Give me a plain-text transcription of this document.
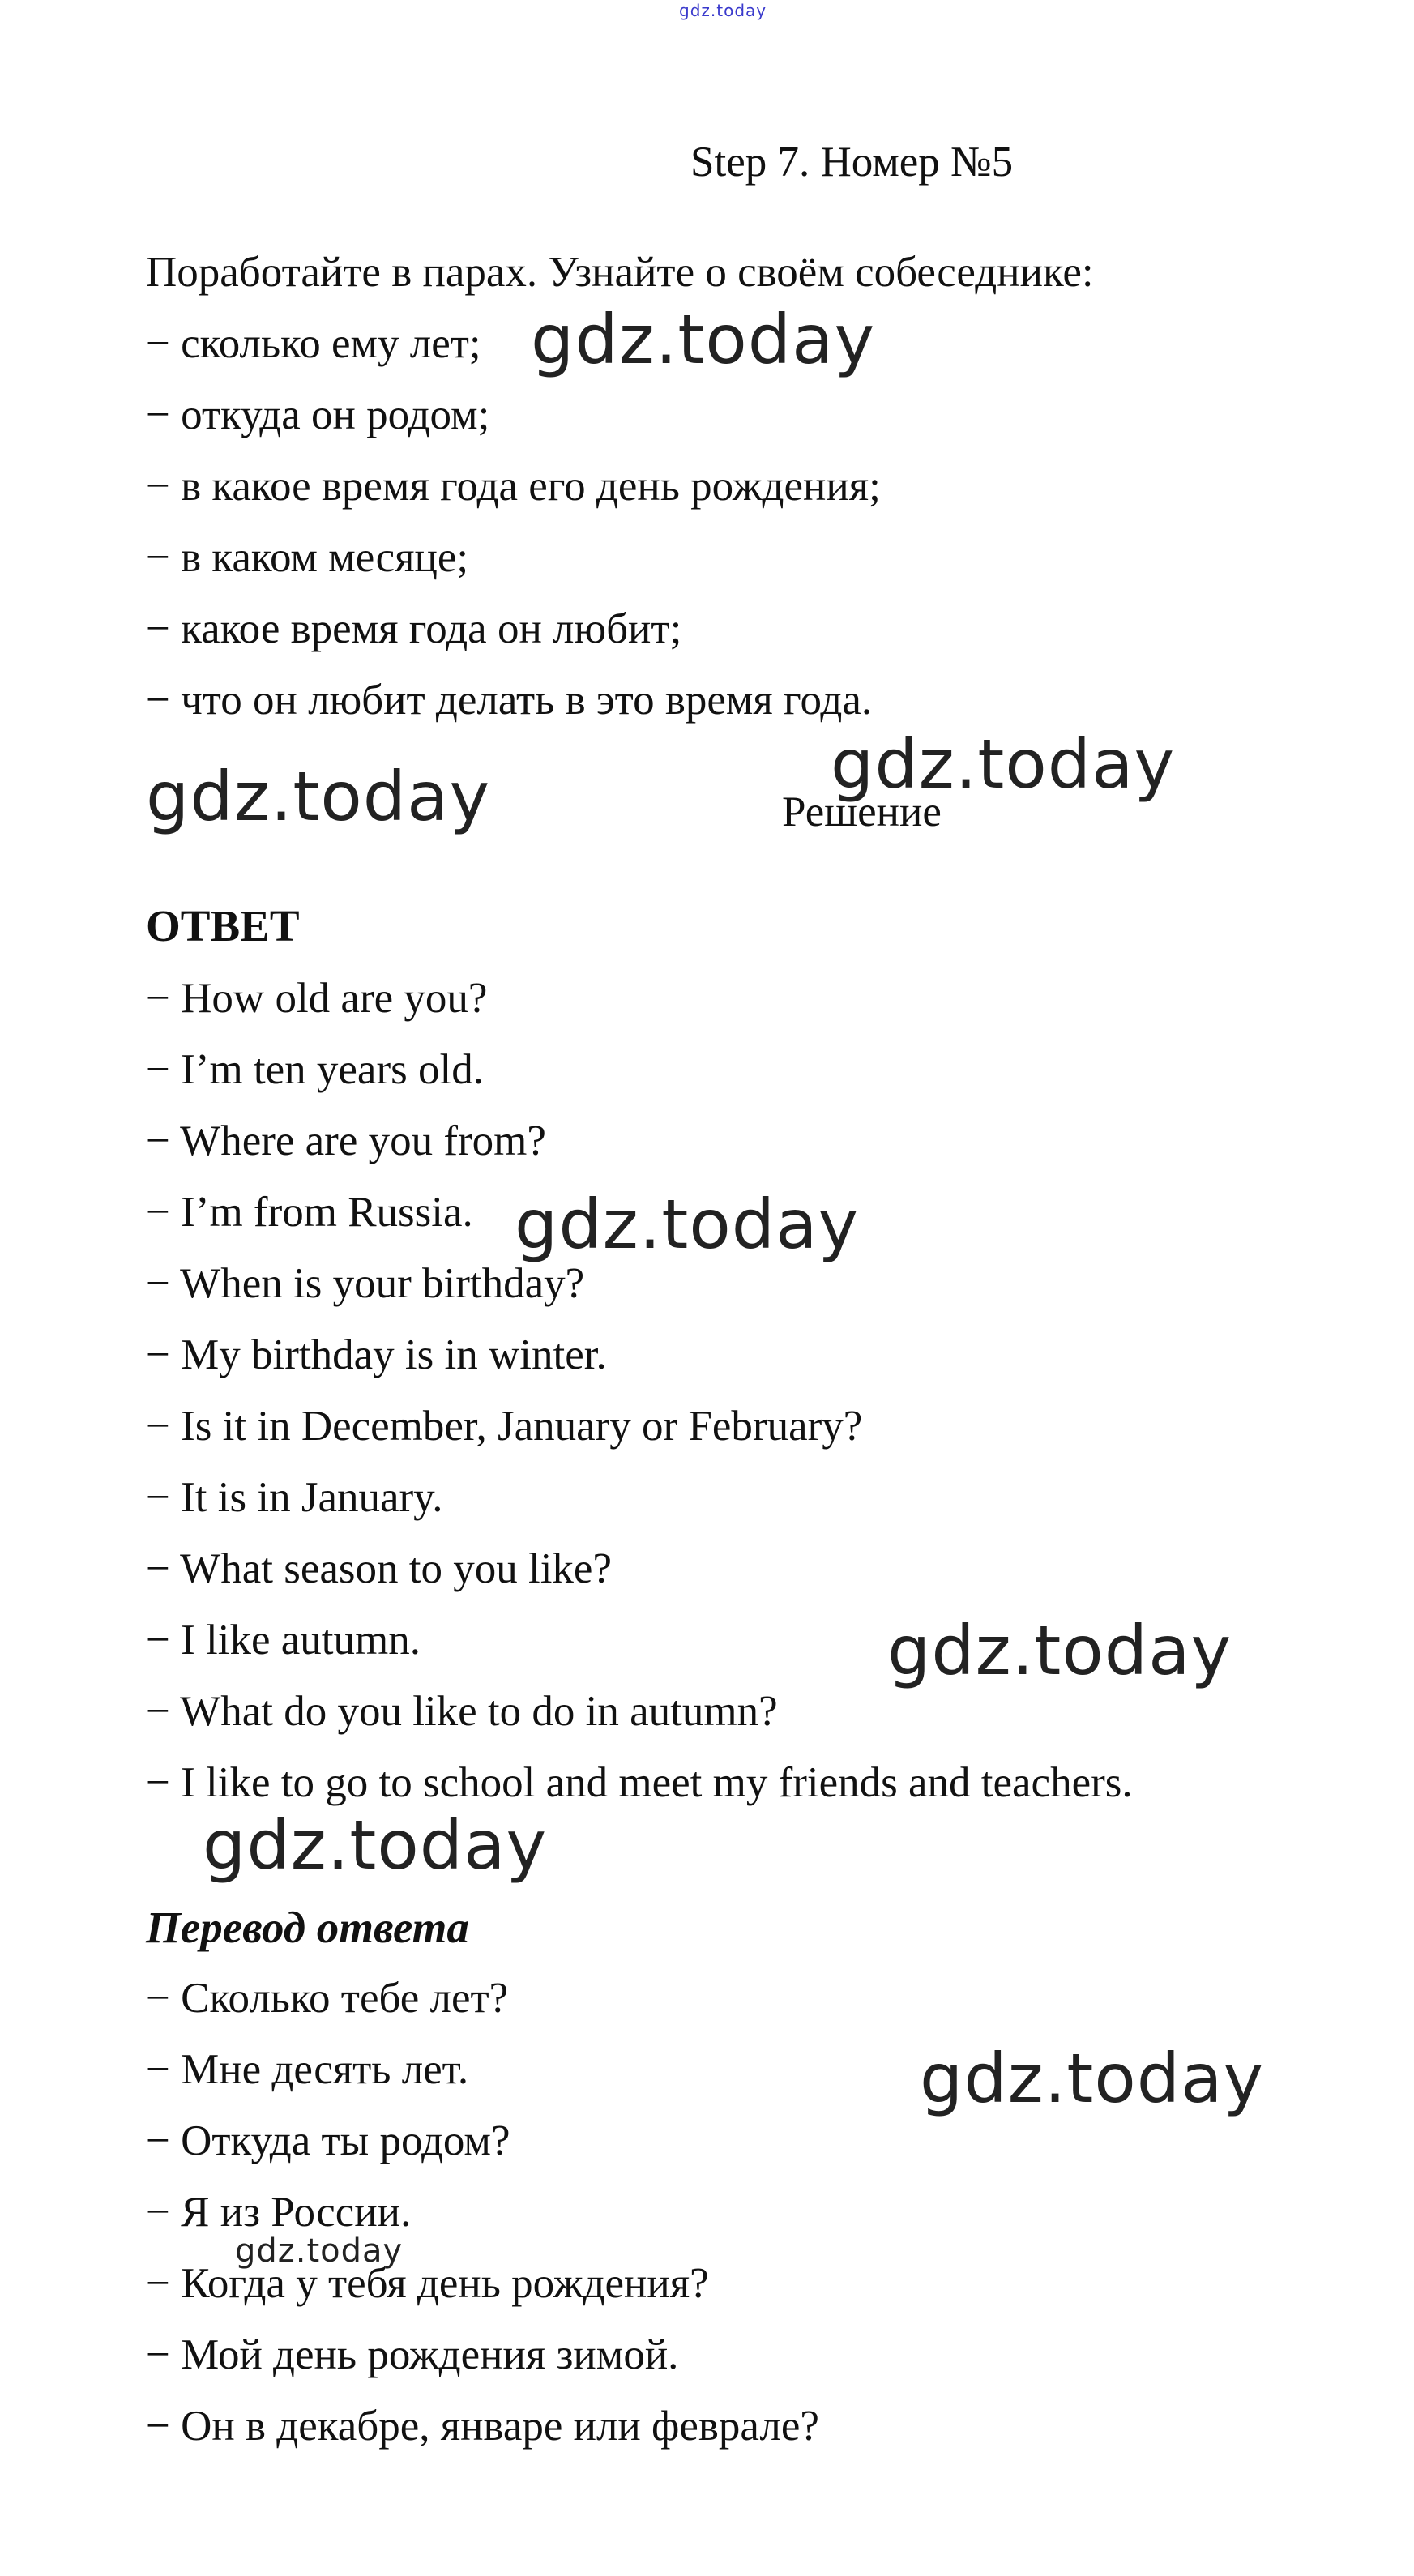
gdz.today
Step 7. Номер №5
Поработайте в парах. Узнайте о своём собеседнике:
− сколько ему лет;
− откуда он родом;
− в какое время года его день рождения;
− в каком месяце;
− какое время года он любит;
− что он любит делать в это время года.
Решение
ОТВЕТ
− How old are you?
− I’m ten years old.
− Where are you from?
− I’m from Russia.
− When is your birthday?
− My birthday is in winter.
− Is it in December, January or February?
− It is in January.
− What season to you like?
− I like autumn.
− What do you like to do in autumn?
− I like to go to school and meet my friends and teachers.
Перевод ответа
− Сколько тебе лет?
− Мне десять лет.
− Откуда ты родом?
− Я из России.
− Когда у тебя день рождения?
− Мой день рождения зимой.
− Он в декабре, январе или феврале?
gdz.today
gdz.today	gdz.today
gdz.today
gdz.today
gdz.today
gdz.today
gdz.today
